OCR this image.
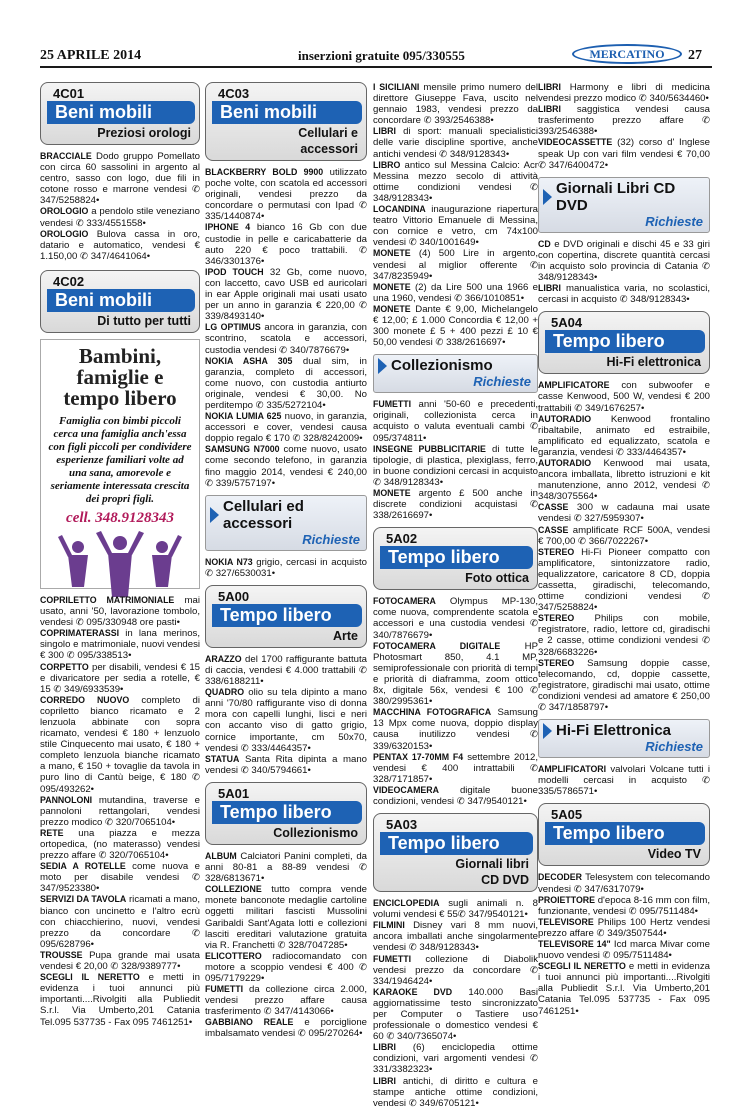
25 APRILE 2014	inserzioni gratuite 095/330555	MERCATINO	27
4C01
Beni mobili
Preziosi orologi

BRACCIALE Dodo gruppo Pomellato con circa 60 sassolini in argento al centro, sasso con logo, due fili in cotone rosso e marrone vendesi ✆ 347/5258824•

OROLOGIO a pendolo stile veneziano vendesi ✆ 333/4551558•

OROLOGIO Bulova cassa in oro, datario e automatico, vendesi € 1.150,00 ✆ 347/4641064•

4C02
Beni mobili
Di tutto per tutti
Bambini, famiglie e tempo libero
Famiglia con bimbi piccoli cerca una famiglia anch'essa con figli piccoli per condividere esperienze familiari volte ad una sana, amorevole e seriamente interessata crescita dei propri figli.
cell. 348.9128343

COPRILETTO MATRIMONIALE mai usato, anni '50, lavorazione tombolo, vendesi ✆ 095/330948 ore pasti•

COPRIMATERASSI in lana merinos, singolo e matrimoniale, nuovi vendesi € 300 ✆ 095/338513•

CORPETTO per disabili, vendesi € 15 e divaricatore per sedia a rotelle, € 15 ✆ 349/6933539•

CORREDO NUOVO completo di copriletto bianco ricamato e 2 lenzuola abbinate con sopra ricamato, vendesi € 180 + lenzuolo stile Cinquecento mai usato, € 180 + completo lenzuola bianche ricamato a mano, € 150 + tovaglie da tavola in puro lino di Cantù beige, € 180 ✆ 095/493262•

PANNOLONI mutandina, traverse e pannoloni rettangolari, vendesi prezzo modico ✆ 320/7065104•

RETE una piazza e mezza ortopedica, (no materasso) vendesi prezzo affare ✆ 320/7065104•

SEDIA A ROTELLE come nuova e moto per disabile vendesi ✆ 347/9523380•

SERVIZI DA TAVOLA ricamati a mano, bianco con uncinetto e l'altro ecrù con chiacchierino, nuovi, vendesi prezzo da concordare ✆ 095/628796•

TROUSSE Pupa grande mai usata vendesi € 20,00 ✆ 328/9389777•

SCEGLI IL NERETTO e metti in evidenza i tuoi annunci più importanti....Rivolgiti alla Publiedit S.r.l. Via Umberto,201 Catania Tel.095 537735 - Fax 095 7461251•

4C03
Beni mobili
Cellulari e
accessori

BLACKBERRY BOLD 9900 utilizzato poche volte, con scatola ed accessori originali, vendesi prezzo da concordare o permutasi con Ipad ✆ 335/1440874•

IPHONE 4 bianco 16 Gb con due custodie in pelle e caricabatterie da auto 220 € poco trattabili. ✆ 346/3301376•

IPOD TOUCH 32 Gb, come nuovo, con laccetto, cavo USB ed auricolari in ear Apple originali mai usati usato per un anno in garanzia € 220,00 ✆ 339/8493140•

LG OPTIMUS ancora in garanzia, con scontrino, scatola e accessori, custodia vendesi ✆ 340/7876679•

NOKIA ASHA 305 dual sim, in garanzia, completo di accessori, come nuovo, con custodia antiurto originale, vendesi € 30,00. No perditempo ✆ 335/5272104•

NOKIA LUMIA 625 nuovo, in garanzia, accessori e cover, vendesi causa doppio regalo € 170 ✆ 328/8242009•

SAMSUNG N7000 come nuovo, usato come secondo telefono, in garanzia fino maggio 2014, vendesi € 240,00 ✆ 339/5757197•

Cellulari ed accessori
Richieste

NOKIA N73 grigio, cercasi in acquisto ✆ 327/6530031•

5A00
Tempo libero
Arte

ARAZZO del 1700 raffigurante battuta di caccia, vendesi € 4.000 trattabili ✆ 338/6188211•

QUADRO olio su tela dipinto a mano anni '70/80 raffigurante viso di donna mora con capelli lunghi, lisci e neri con accanto viso di gatto grigio, cornice importante, cm 50x70, vendesi ✆ 333/4464357•

STATUA Santa Rita dipinta a mano vendesi ✆ 340/5794661•

5A01
Tempo libero
Collezionismo

ALBUM Calciatori Panini completi, da anni 80-81 a 88-89 vendesi ✆ 328/6813671•

COLLEZIONE tutto compra vende monete banconote medaglie cartoline oggetti militari fascisti Mussolini Garibaldi Sant'Agata lotti e collezioni lasciti ereditari valutazione gratuita via R. Franchetti ✆ 328/7047285•

ELICOTTERO radiocomandato con motore a scoppio vendesi € 400 ✆ 095/7179229•

FUMETTI da collezione circa 2.000, vendesi prezzo affare causa trasferimento ✆ 347/4143066•

GABBIANO REALE e porciglione imbalsamato vendesi ✆ 095/270264•

I SICILIANI mensile primo numero del direttore Giuseppe Fava, uscito nel gennaio 1983, vendesi prezzo da concordare ✆ 393/2546388•

LIBRI di sport: manuali specialistici delle varie discipline sportive, anche antichi vendesi ✆ 348/9128343•

LIBRO antico sul Messina Calcio: Acr Messina mezzo secolo di attività ottime condizioni vendesi ✆ 348/9128343•

LOCANDINA inaugurazione riapertura teatro Vittorio Emanuele di Messina, con cornice e vetro, cm 74x100 vendesi ✆ 340/1001649•

MONETE (4) 500 Lire in argento, vendesi al miglior offerente ✆ 347/8235949•

MONETE (2) da Lire 500 una 1966 e una 1960, vendesi ✆ 366/1010851•

MONETE Dante € 9,00, Michelangelo € 12,00; £ 1.000 Concordia € 12,00 + 300 monete £ 5 + 400 pezzi £ 10 € 50,00 vendesi ✆ 338/2616697•

Collezionismo
Richieste

FUMETTI anni '50-60 e precedenti, originali, collezionista cerca in acquisto o valuta eventuali cambi ✆ 095/374811•

INSEGNE PUBBLICITARIE di tutte le tipologie, di plastica, plexiglass, ferro, in buone condizioni cercasi in acquisto ✆ 348/9128343•

MONETE argento £ 500 anche in discrete condizioni acquistasi ✆ 338/2616697•

5A02
Tempo libero
Foto ottica

FOTOCAMERA Olympus MP-130, come nuova, comprendente scatola e accessori e una custodia vendesi ✆ 340/7876679•

FOTOCAMERA DIGITALE HP Photosmart 850, 4.1 MP, semiprofessionale con priorità di tempi e priorità di diaframma, zoom ottico 8x, digitale 56x, vendesi € 100 ✆ 380/2995361•

MACCHINA FOTOGRAFICA Samsung 13 Mpx come nuova, doppio display causa inutilizzo vendesi ✆ 339/6320153•

PENTAX 17-70MM F4 settembre 2012, vendesi € 400 intrattabili ✆ 328/7171857•

VIDEOCAMERA digitale buone condizioni, vendesi ✆ 347/9540121•

5A03
Tempo libero
Giornali libri
CD DVD

ENCICLOPEDIA sugli animali n. 8 volumi vendesi € 55✆ 347/9540121•

FILMINI Disney vari 8 mm nuovi, ancora imballati anche singolarmente vendesi ✆ 348/9128343•

FUMETTI collezione di Diabolik vendesi prezzo da concordare ✆ 334/1946424•

KARAOKE DVD 140.000 Basi aggiornatissime testo sincronizzato per Computer o Tastiere uso professionale o domestico vendesi € 60 ✆ 340/7365074•

LIBRI (6) enciclopedia ottime condizioni, vari argomenti vendesi ✆ 331/3382323•

LIBRI antichi, di diritto e cultura e stampe antiche ottime condizioni, vendesi ✆ 349/6705121•

LIBRI Harmony e libri di medicina vendesi prezzo modico ✆ 340/5634460•

LIBRI saggistica vendesi causa trasferimento prezzo affare ✆ 393/2546388•

VIDEOCASSETTE (32) corso d' Inglese speak Up con vari film vendesi € 70,00 ✆ 347/6400472•

Giornali Libri CD DVD
Richieste

CD e DVD originali e dischi 45 e 33 giri con copertina, discrete quantità cercasi in acquisto solo provincia di Catania ✆ 348/9128343•

LIBRI manualistica varia, no scolastici, cercasi in acquisto ✆ 348/9128343•

5A04
Tempo libero
Hi-Fi elettronica

AMPLIFICATORE con subwoofer e casse Kenwood, 500 W, vendesi € 200 trattabili ✆ 349/1676257•

AUTORADIO Kenwood frontalino ribaltabile, animato ed estraibile, amplificato ed equalizzato, scatola e garanzia, vendesi ✆ 333/4464357•

AUTORADIO Kenwood mai usata, ancora imballata, libretto istruzioni e kit manutenzione, anno 2012, vendesi ✆ 348/3075564•

CASSE 300 w cadauna mai usate vendesi ✆ 327/5959307•

CASSE amplificate RCF 500A, vendesi € 700,00 ✆ 366/7022267•

STEREO Hi-Fi Pioneer compatto con amplificatore, sintonizzatore radio, equalizzatore, caricatore 8 CD, doppia cassetta, giradischi, telecomando, ottime condizioni vendesi ✆ 347/5258824•

STEREO Philips con mobile, registratore, radio, lettore cd, giradischi e 2 casse, ottime condizioni vendesi ✆ 328/6683226•

STEREO Samsung doppie casse, telecomando, cd, doppie cassette, registratore, giradischi mai usato, ottime condizioni vendesi ad amatore € 250,00 ✆ 347/1858797•

Hi-Fi Elettronica
Richieste

AMPLIFICATORI valvolari Volcane tutti i modelli cercasi in acquisto ✆ 335/5786571•

5A05
Tempo libero
Video TV

DECODER Telesystem con telecomando vendesi ✆ 347/6317079•

PROIETTORE d'epoca 8-16 mm con film, funzionante, vendesi ✆ 095/7511484•

TELEVISORE Philips 100 Hertz vendesi prezzo affare ✆ 349/3507544•

TELEVISORE 14" Icd marca Mivar come nuovo vendesi ✆ 095/7511484•

SCEGLI IL NERETTO e metti in evidenza i tuoi annunci più importanti....Rivolgiti alla Publiedit S.r.l. Via Umberto,201 Catania Tel.095 537735 - Fax 095 7461251•
